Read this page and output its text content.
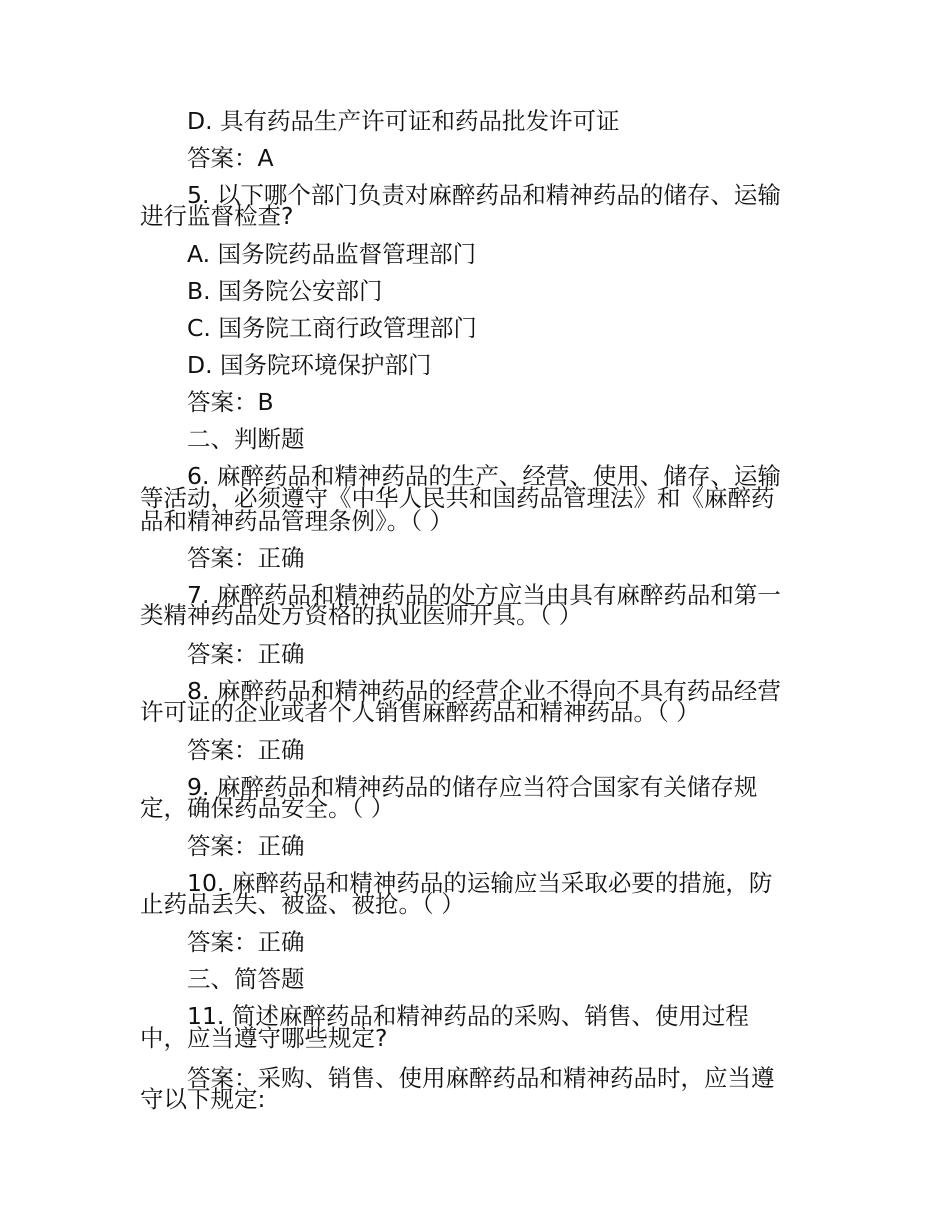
D. 具有药品生产许可证和药品批发许可证

答案：A

5. 以下哪个部门负责对麻醉药品和精神药品的储存、运输

进行监督检查?

A. 国务院药品监督管理部门

B. 国务院公安部门

C. 国务院工商行政管理部门

D. 国务院环境保护部门

答案：B

二、判断题

6. 麻醉药品和精神药品的生产、经营、使用、储存、运输

等活动，必须遵守《中华人民共和国药品管理法》和《麻醉药

品和精神药品管理条例》。（ ）

答案：正确

7. 麻醉药品和精神药品的处方应当由具有麻醉药品和第一

类精神药品处方资格的执业医师开具。（ ）

答案：正确

8. 麻醉药品和精神药品的经营企业不得向不具有药品经营

许可证的企业或者个人销售麻醉药品和精神药品。（ ）

答案：正确

9. 麻醉药品和精神药品的储存应当符合国家有关储存规

定，确保药品安全。（ ）

答案：正确

10. 麻醉药品和精神药品的运输应当采取必要的措施，防

止药品丢失、被盗、被抢。（ ）

答案：正确

三、简答题

11. 简述麻醉药品和精神药品的采购、销售、使用过程

中，应当遵守哪些规定?

答案：采购、销售、使用麻醉药品和精神药品时，应当遵

守以下规定:
